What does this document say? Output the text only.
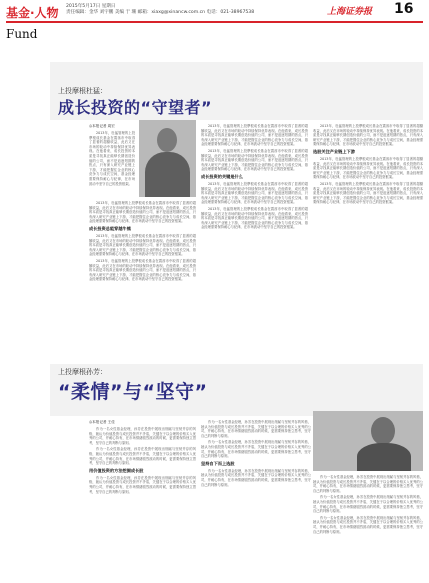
基金·人物 2015年5月17日 星期日
责任编辑：金华 刘宇鹏 美编 于 珊 邮箱：xiaxg@xinancw.com.cn 电话：021-38967538	上海证券报 16
Fund
上投摩根杜猛：
成长投资的“守望者”
◎本报记者 周宏

2013年，杜猛管理的上投摩根成长基金在震荡市中取得了显著的超额收益，此后又在市场的轮动中持续保持优异表现。在他看来，成长投资的本质是寻找真正能够长期创造价值的公司，而不是追逐短期的热点，只有深入研究产业链上下游，才能把握住企业的核心竞争力与成长空间，基金经理需要保持耐心与纪律，在市场波动中坚守自己的投资框架。

2013年，杜猛管理的上投摩根成长基金在震荡市中取得了显著的超额收益，此后又在市场的轮动中持续保持优异表现。在他看来，成长投资的本质是寻找真正能够长期创造价值的公司，而不是追逐短期的热点，只有深入研究产业链上下游，才能把握住企业的核心竞争力与成长空间，基金经理需要保持耐心与纪律，在市场波动中坚守自己的投资框架。

成长投资总能穿越牛熊

2013年，杜猛管理的上投摩根成长基金在震荡市中取得了显著的超额收益，此后又在市场的轮动中持续保持优异表现。在他看来，成长投资的本质是寻找真正能够长期创造价值的公司，而不是追逐短期的热点，只有深入研究产业链上下游，才能把握住企业的核心竞争力与成长空间，基金经理需要保持耐心与纪律，在市场波动中坚守自己的投资框架。

2013年，杜猛管理的上投摩根成长基金在震荡市中取得了显著的超额收益，此后又在市场的轮动中持续保持优异表现。在他看来，成长投资的本质是寻找真正能够长期创造价值的公司，而不是追逐短期的热点，只有深入研究产业链上下游，才能把握住企业的核心竞争力与成长空间，基金经理需要保持耐心与纪律，在市场波动中坚守自己的投资框架。

2013年，杜猛管理的上投摩根成长基金在震荡市中取得了显著的超额收益，此后又在市场的轮动中持续保持优异表现。在他看来，成长投资的本质是寻找真正能够长期创造价值的公司，而不是追逐短期的热点，只有深入研究产业链上下游，才能把握住企业的核心竞争力与成长空间，基金经理需要保持耐心与纪律，在市场波动中坚守自己的投资框架。

2013年，杜猛管理的上投摩根成长基金在震荡市中取得了显著的超额收益，此后又在市场的轮动中持续保持优异表现。在他看来，成长投资的本质是寻找真正能够长期创造价值的公司，而不是追逐短期的热点，只有深入研究产业链上下游，才能把握住企业的核心竞争力与成长空间，基金经理需要保持耐心与纪律，在市场波动中坚守自己的投资框架。

成长投资的关键是什么

2013年，杜猛管理的上投摩根成长基金在震荡市中取得了显著的超额收益，此后又在市场的轮动中持续保持优异表现。在他看来，成长投资的本质是寻找真正能够长期创造价值的公司，而不是追逐短期的热点，只有深入研究产业链上下游，才能把握住企业的核心竞争力与成长空间，基金经理需要保持耐心与纪律，在市场波动中坚守自己的投资框架。

2013年，杜猛管理的上投摩根成长基金在震荡市中取得了显著的超额收益，此后又在市场的轮动中持续保持优异表现。在他看来，成长投资的本质是寻找真正能够长期创造价值的公司，而不是追逐短期的热点，只有深入研究产业链上下游，才能把握住企业的核心竞争力与成长空间，基金经理需要保持耐心与纪律，在市场波动中坚守自己的投资框架。

2013年，杜猛管理的上投摩根成长基金在震荡市中取得了显著的超额收益，此后又在市场的轮动中持续保持优异表现。在他看来，成长投资的本质是寻找真正能够长期创造价值的公司，而不是追逐短期的热点，只有深入研究产业链上下游，才能把握住企业的核心竞争力与成长空间，基金经理需要保持耐心与纪律，在市场波动中坚守自己的投资框架。

选股关注产业链上下游

2013年，杜猛管理的上投摩根成长基金在震荡市中取得了显著的超额收益，此后又在市场的轮动中持续保持优异表现。在他看来，成长投资的本质是寻找真正能够长期创造价值的公司，而不是追逐短期的热点，只有深入研究产业链上下游，才能把握住企业的核心竞争力与成长空间，基金经理需要保持耐心与纪律，在市场波动中坚守自己的投资框架。

2013年，杜猛管理的上投摩根成长基金在震荡市中取得了显著的超额收益，此后又在市场的轮动中持续保持优异表现。在他看来，成长投资的本质是寻找真正能够长期创造价值的公司，而不是追逐短期的热点，只有深入研究产业链上下游，才能把握住企业的核心竞争力与成长空间，基金经理需要保持耐心与纪律，在市场波动中坚守自己的投资框架。

上投摩根孙芳：
“柔情”与“坚守”
◎本报记者 王佳

作为一名女性基金经理，孙芳在投资中展现出细腻与坚韧并存的风格，她认为价值投资与成长投资并不矛盾，关键在于以合理的价格买入优秀的公司，并耐心持有，在市场情绪剧烈波动的时候，更需要保持独立思考，坚守自己的判断与原则。

作为一名女性基金经理，孙芳在投资中展现出细腻与坚韧并存的风格，她认为价值投资与成长投资并不矛盾，关键在于以合理的价格买入优秀的公司，并耐心持有，在市场情绪剧烈波动的时候，更需要保持独立思考，坚守自己的判断与原则。

用价值投资的方法挖掘成长股

作为一名女性基金经理，孙芳在投资中展现出细腻与坚韧并存的风格，她认为价值投资与成长投资并不矛盾，关键在于以合理的价格买入优秀的公司，并耐心持有，在市场情绪剧烈波动的时候，更需要保持独立思考，坚守自己的判断与原则。

作为一名女性基金经理，孙芳在投资中展现出细腻与坚韧并存的风格，她认为价值投资与成长投资并不矛盾，关键在于以合理的价格买入优秀的公司，并耐心持有，在市场情绪剧烈波动的时候，更需要保持独立思考，坚守自己的判断与原则。

作为一名女性基金经理，孙芳在投资中展现出细腻与坚韧并存的风格，她认为价值投资与成长投资并不矛盾，关键在于以合理的价格买入优秀的公司，并耐心持有，在市场情绪剧烈波动的时候，更需要保持独立思考，坚守自己的判断与原则。

坚持自下而上选股

作为一名女性基金经理，孙芳在投资中展现出细腻与坚韧并存的风格，她认为价值投资与成长投资并不矛盾，关键在于以合理的价格买入优秀的公司，并耐心持有，在市场情绪剧烈波动的时候，更需要保持独立思考，坚守自己的判断与原则。

作为一名女性基金经理，孙芳在投资中展现出细腻与坚韧并存的风格，她认为价值投资与成长投资并不矛盾，关键在于以合理的价格买入优秀的公司，并耐心持有，在市场情绪剧烈波动的时候，更需要保持独立思考，坚守自己的判断与原则。

作为一名女性基金经理，孙芳在投资中展现出细腻与坚韧并存的风格，她认为价值投资与成长投资并不矛盾，关键在于以合理的价格买入优秀的公司，并耐心持有，在市场情绪剧烈波动的时候，更需要保持独立思考，坚守自己的判断与原则。

作为一名女性基金经理，孙芳在投资中展现出细腻与坚韧并存的风格，她认为价值投资与成长投资并不矛盾，关键在于以合理的价格买入优秀的公司，并耐心持有，在市场情绪剧烈波动的时候，更需要保持独立思考，坚守自己的判断与原则。
